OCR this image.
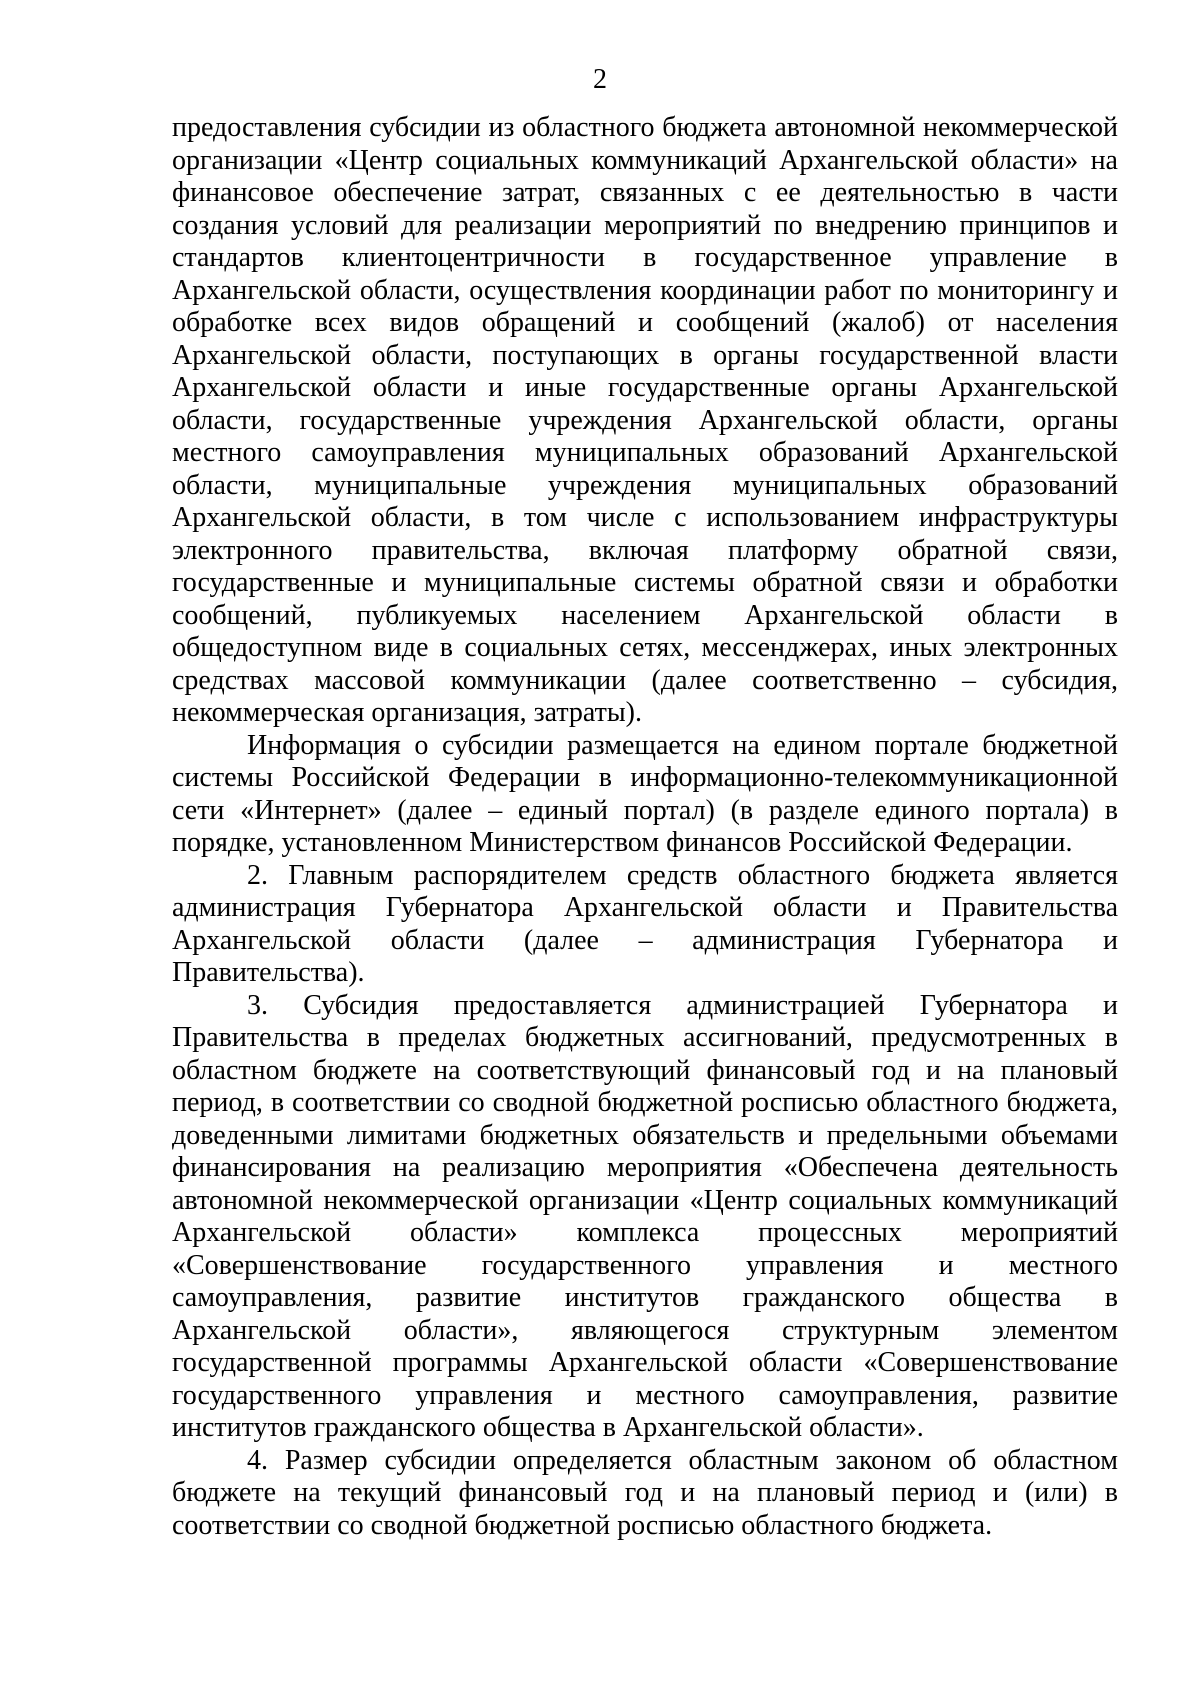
2

предоставления субсидии из областного бюджета автономной некоммерческой организации «Центр социальных коммуникаций Архангельской области» на финансовое обеспечение затрат, связанных с ее деятельностью в части создания условий для реализации мероприятий по внедрению принципов и стандартов клиентоцентричности в государственное управление в Архангельской области, осуществления координации работ по мониторингу и обработке всех видов обращений и сообщений (жалоб) от населения Архангельской области, поступающих в органы государственной власти Архангельской области и иные государственные органы Архангельской области, государственные учреждения Архангельской области, органы местного самоуправления муниципальных образований Архангельской области, муниципальные учреждения муниципальных образований Архангельской области, в том числе с использованием инфраструктуры электронного правительства, включая платформу обратной связи, государственные и муниципальные системы обратной связи и обработки сообщений, публикуемых населением Архангельской области в общедоступном виде в социальных сетях, мессенджерах, иных электронных средствах массовой коммуникации (далее соответственно – субсидия, некоммерческая организация, затраты).

Информация о субсидии размещается на едином портале бюджетной системы Российской Федерации в информационно-телекоммуникационной сети «Интернет» (далее – единый портал) (в разделе единого портала) в порядке, установленном Министерством финансов Российской Федерации.

2. Главным распорядителем средств областного бюджета является администрация Губернатора Архангельской области и Правительства Архангельской области (далее – администрация Губернатора и Правительства).

3. Субсидия предоставляется администрацией Губернатора и Правительства в пределах бюджетных ассигнований, предусмотренных в областном бюджете на соответствующий финансовый год и на плановый период, в соответствии со сводной бюджетной росписью областного бюджета, доведенными лимитами бюджетных обязательств и предельными объемами финансирования на реализацию мероприятия «Обеспечена деятельность автономной некоммерческой организации «Центр социальных коммуникаций Архангельской области» комплекса процессных мероприятий «Совершенствование государственного управления и местного самоуправления, развитие институтов гражданского общества в Архангельской области», являющегося структурным элементом государственной программы Архангельской области «Совершенствование государственного управления и местного самоуправления, развитие институтов гражданского общества в Архангельской области».

4. Размер субсидии определяется областным законом об областном бюджете на текущий финансовый год и на плановый период и (или) в соответствии со сводной бюджетной росписью областного бюджета.
